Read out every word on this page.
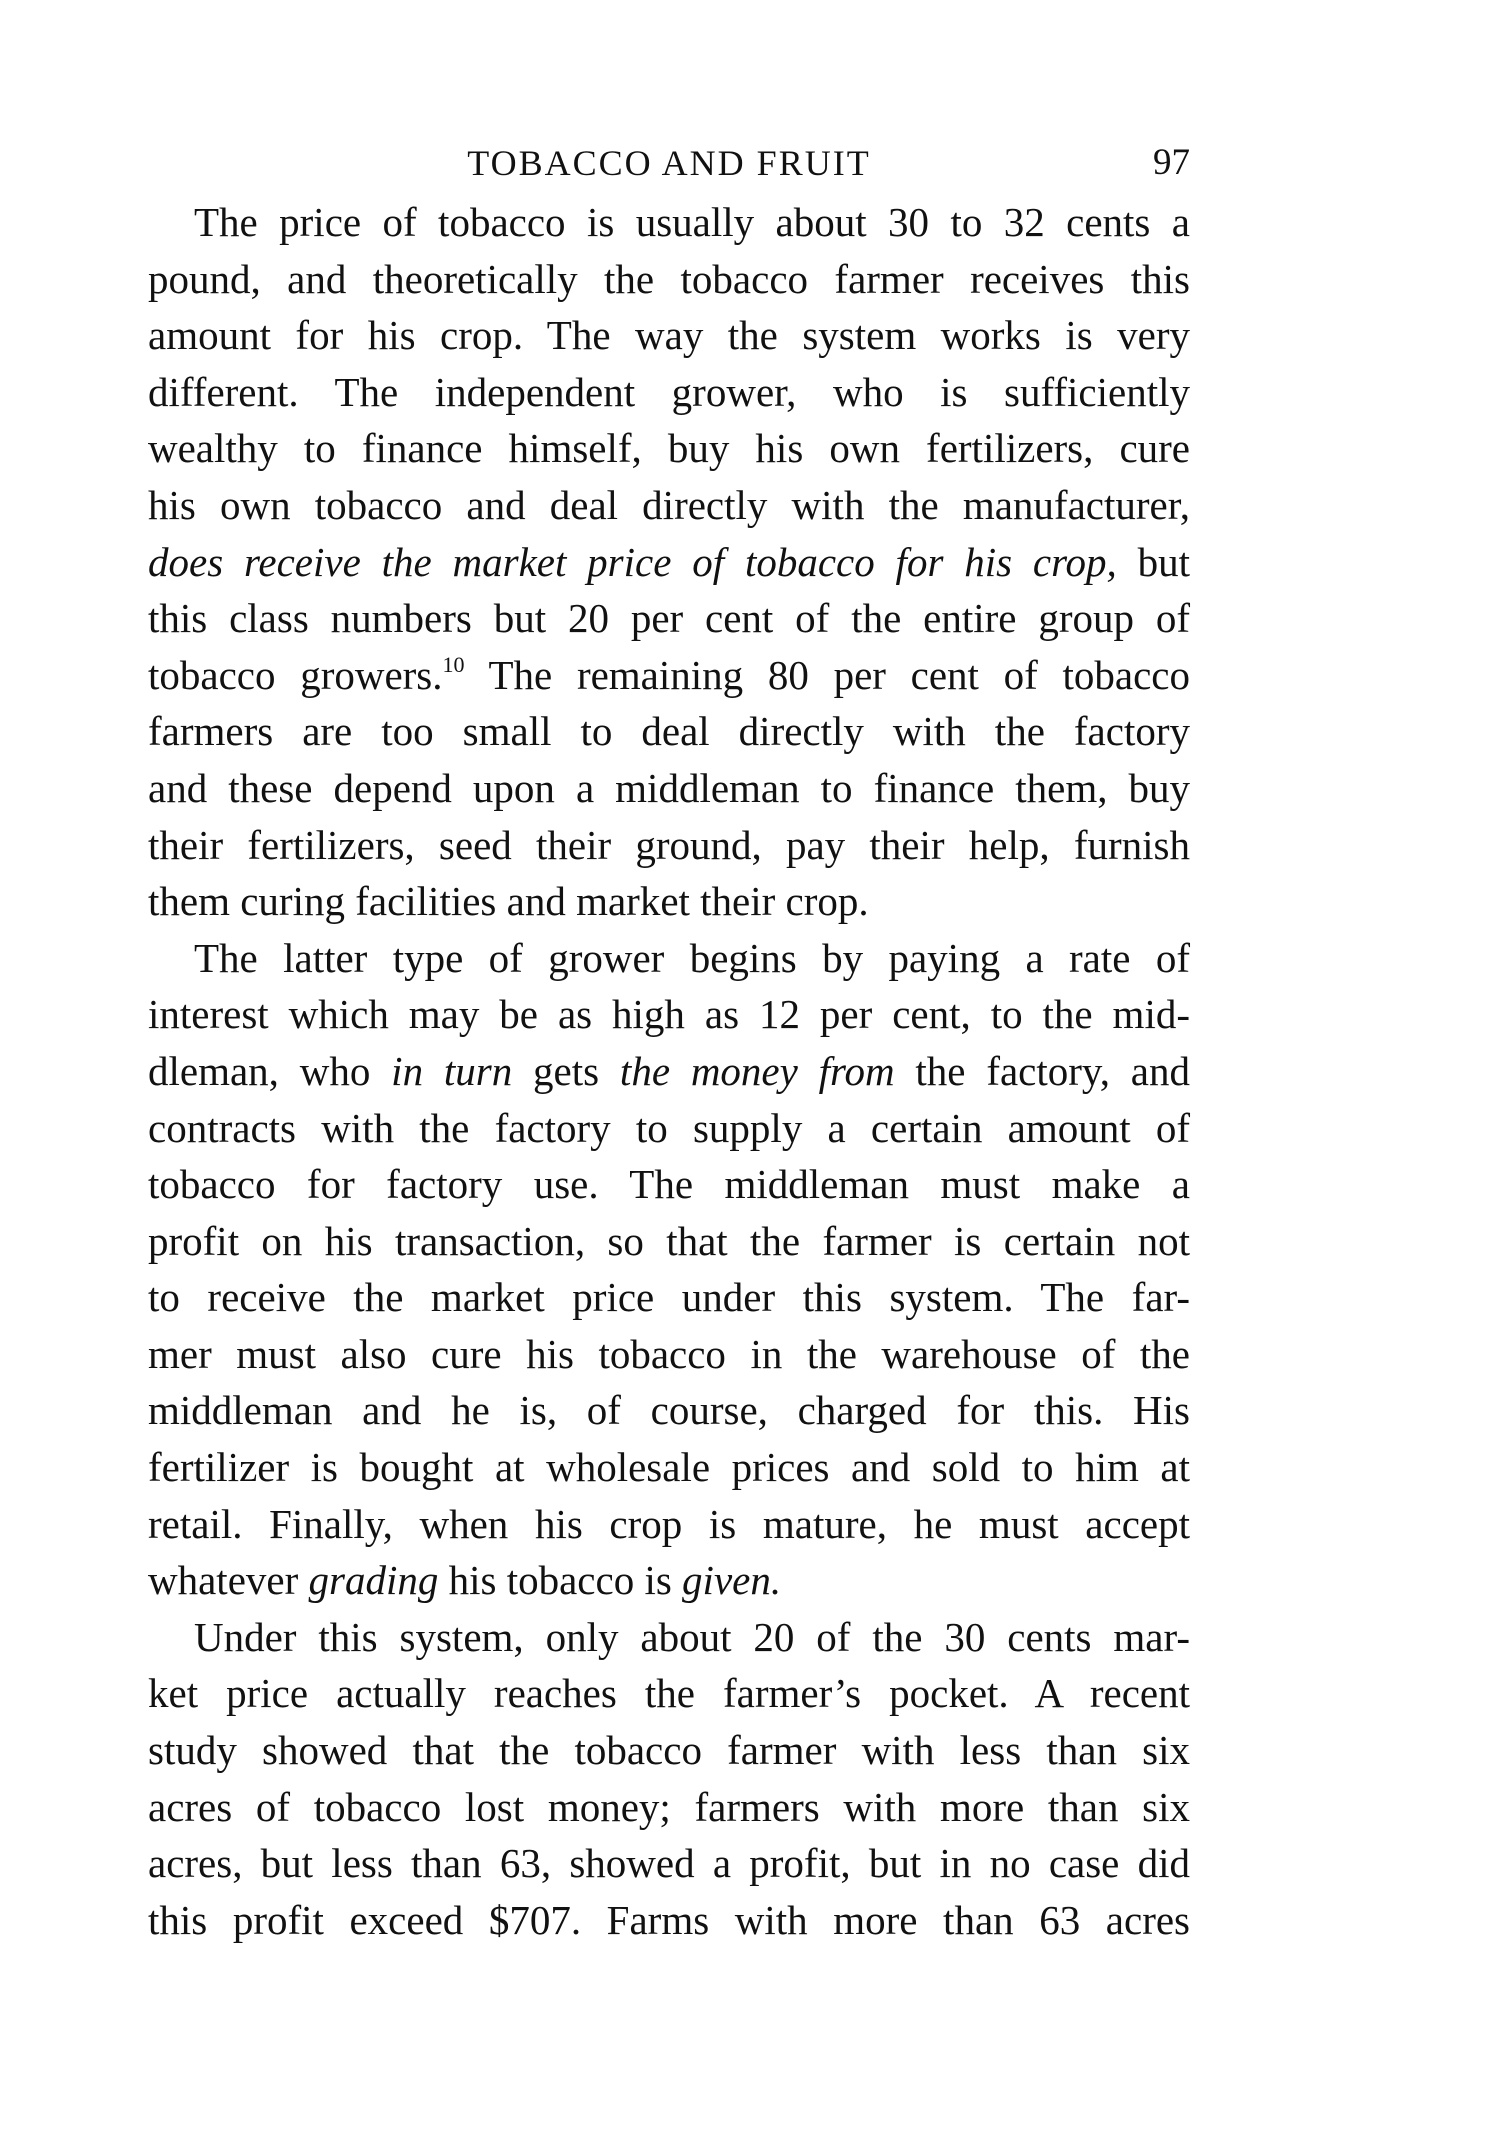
TOBACCO AND FRUIT	97
The price of tobacco is usually about 30 to 32 cents a
pound, and theoretically the tobacco farmer receives this
amount for his crop. The way the system works is very
different. The independent grower, who is sufficiently
wealthy to finance himself, buy his own fertilizers, cure
his own tobacco and deal directly with the manufacturer,
does receive the market price of tobacco for his crop, but
this class numbers but 20 per cent of the entire group of
tobacco growers.$^{10}$ The remaining 80 per cent of tobacco
farmers are too small to deal directly with the factory
and these depend upon a middleman to finance them, buy
their fertilizers, seed their ground, pay their help, furnish
them curing facilities and market their crop.
The latter type of grower begins by paying a rate of
interest which may be as high as 12 per cent, to the mid-
dleman, who in turn gets the money from the factory, and
contracts with the factory to supply a certain amount of
tobacco for factory use. The middleman must make a
profit on his transaction, so that the farmer is certain not
to receive the market price under this system. The far-
mer must also cure his tobacco in the warehouse of the
middleman and he is, of course, charged for this. His
fertilizer is bought at wholesale prices and sold to him at
retail. Finally, when his crop is mature, he must accept
whatever grading his tobacco is given.
Under this system, only about 20 of the 30 cents mar-
ket price actually reaches the farmer’s pocket. A recent
study showed that the tobacco farmer with less than six
acres of tobacco lost money; farmers with more than six
acres, but less than 63, showed a profit, but in no case did
this profit exceed $707. Farms with more than 63 acres
